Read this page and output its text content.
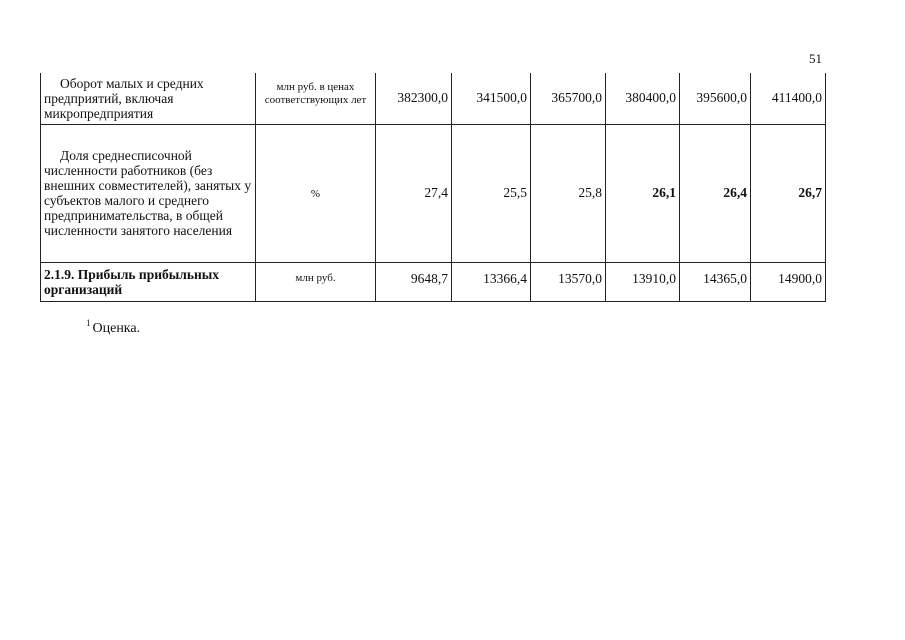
51
Оборот малых и средних предприятий, включая микропредприятия	млн руб. в ценах соответствующих лет	382300,0	341500,0	365700,0	380400,0	395600,0	411400,0

Доля среднесписочной численности работников (без внешних совместителей), занятых у субъектов малого и среднего предпринимательства, в общей численности занятого населения	%	27,4	25,5	25,8	26,1	26,4	26,7
2.1.9. Прибыль прибыльных организаций	млн руб.	9648,7	13366,4	13570,0	13910,0	14365,0	14900,0
$^1$ Оценка.
